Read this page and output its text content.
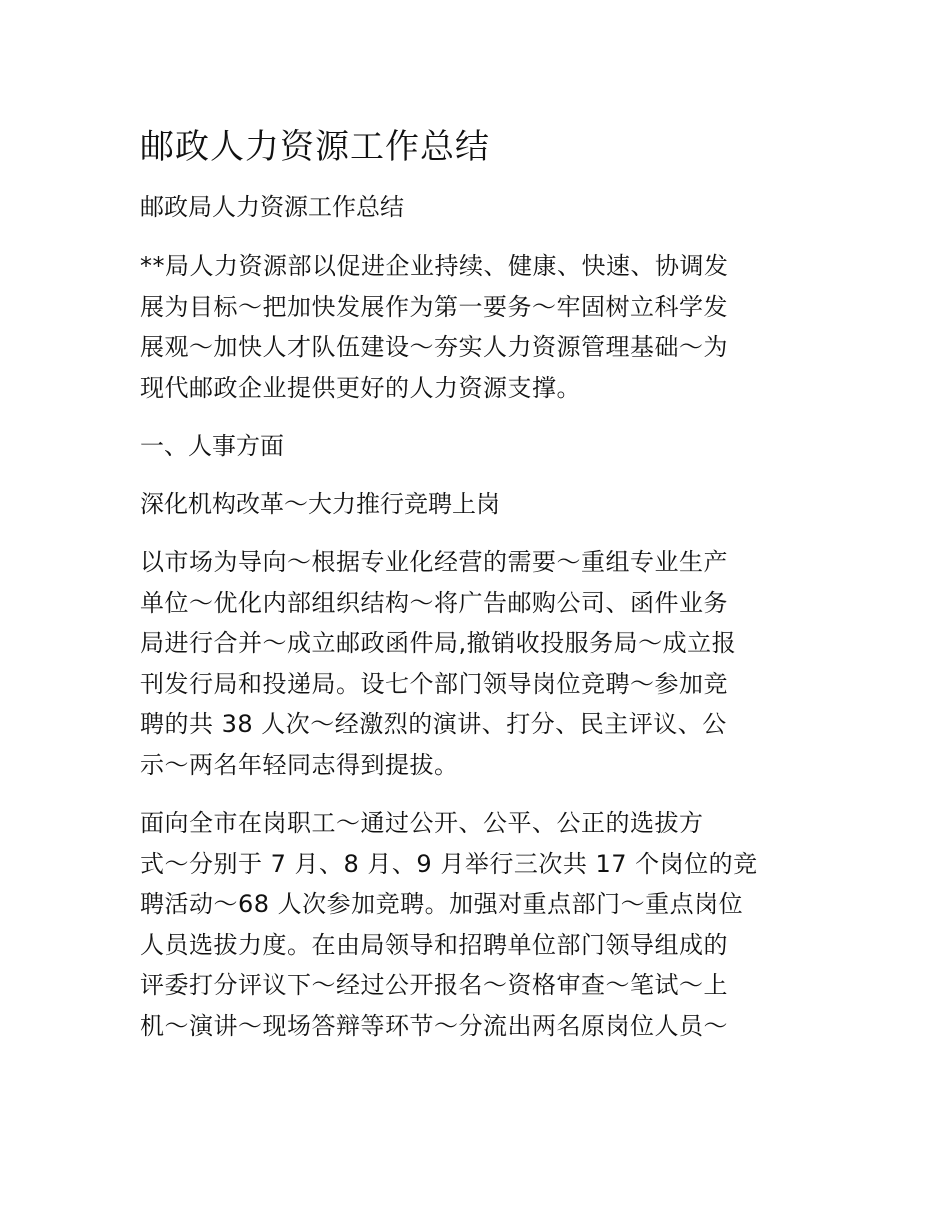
邮政人力资源工作总结
邮政局人力资源工作总结
**局人力资源部以促进企业持续、健康、快速、协调发
展为目标～把加快发展作为第一要务～牢固树立科学发
展观～加快人才队伍建设～夯实人力资源管理基础～为
现代邮政企业提供更好的人力资源支撑。
一、人事方面
深化机构改革～大力推行竞聘上岗
以市场为导向～根据专业化经营的需要～重组专业生产
单位～优化内部组织结构～将广告邮购公司、函件业务
局进行合并～成立邮政函件局,撤销收投服务局～成立报
刊发行局和投递局。设七个部门领导岗位竞聘～参加竞
聘的共 38 人次～经激烈的演讲、打分、民主评议、公
示～两名年轻同志得到提拔。
面向全市在岗职工～通过公开、公平、公正的选拔方
式～分别于 7 月、8 月、9 月举行三次共 17 个岗位的竞
聘活动～68 人次参加竞聘。加强对重点部门～重点岗位
人员选拔力度。在由局领导和招聘单位部门领导组成的
评委打分评议下～经过公开报名～资格审查～笔试～上
机～演讲～现场答辩等环节～分流出两名原岗位人员～
